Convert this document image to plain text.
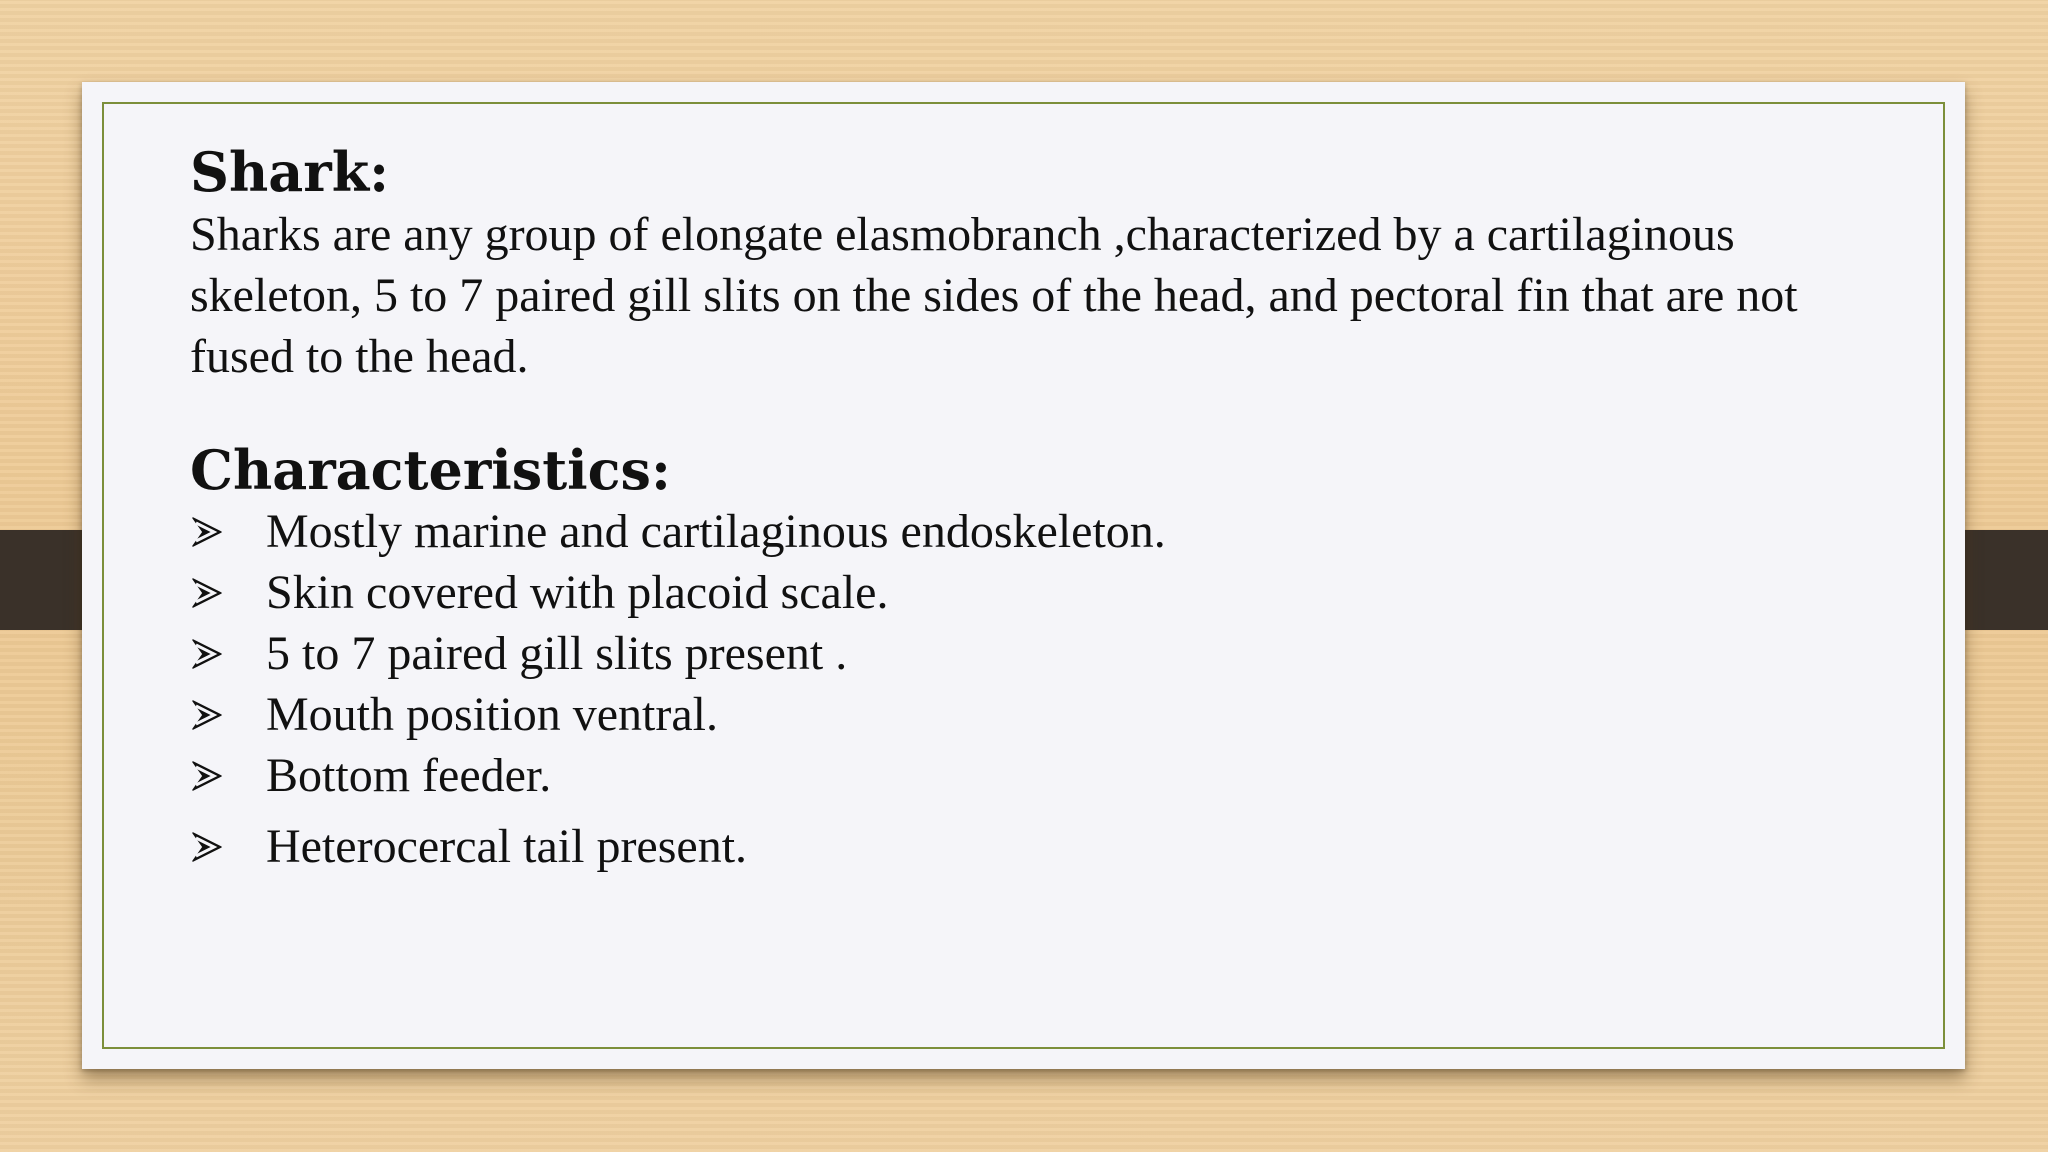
Shark:

Sharks are any group of elongate elasmobranch ,characterized by a cartilaginous skeleton, 5 to 7 paired gill slits on the sides of the head, and pectoral fin that are not fused to the head.

Characteristics:
Mostly marine and cartilaginous endoskeleton.
Skin covered with placoid scale.
5 to 7 paired gill slits present .
Mouth position ventral.
Bottom feeder.
Heterocercal tail present.
